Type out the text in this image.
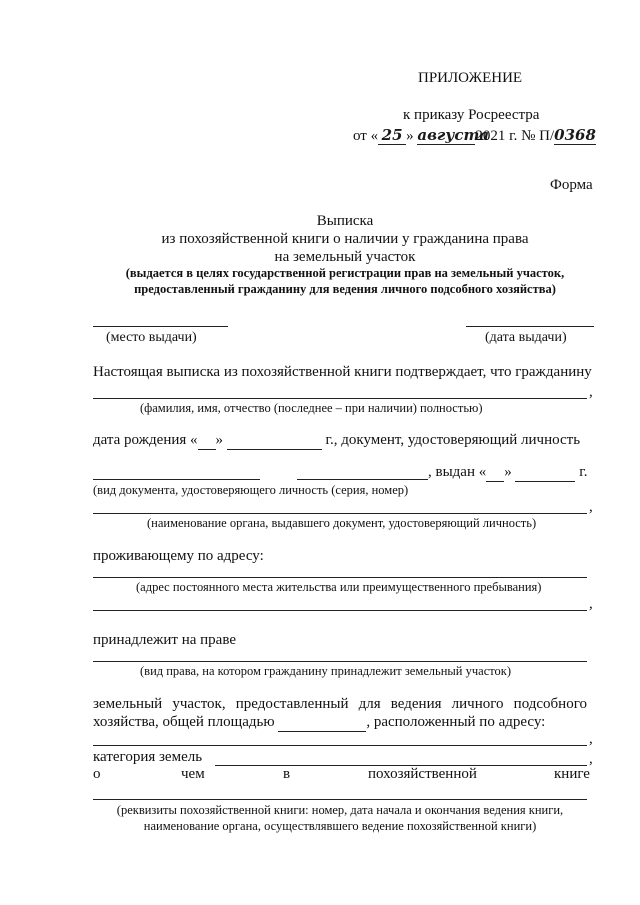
ПРИЛОЖЕНИЕ
к приказу Росреестра
от « 25 » августа2021 г. № П/0368
Форма
Выписка
из похозяйственной книги о наличии у гражданина права
на земельный участок
(выдается в целях государственной регистрации прав на земельный участок,
предоставленный гражданину для ведения личного подсобного хозяйства)
(место выдачи)	(дата выдачи)
Настоящая выписка из похозяйственной книги подтверждает, что гражданину
,
(фамилия, имя, отчество (последнее – при наличии) полностью)
дата рождения « »	г., документ, удостоверяющий личность
, выдан « »	г.
(вид документа, удостоверяющего личность (серия, номер)
,
(наименование органа, выдавшего документ, удостоверяющий личность)
проживающему по адресу:
(адрес постоянного места жительства или преимущественного пребывания)
,
принадлежит на праве
(вид права, на котором гражданину принадлежит земельный участок)
земельный участок, предоставленный для ведения личного подсобного
хозяйства, общей площадью	, расположенный по адресу:
,
категория земель	,
о	чем	в	похозяйственной	книге
(реквизиты похозяйственной книги: номер, дата начала и окончания ведения книги,
наименование органа, осуществлявшего ведение похозяйственной книги)
